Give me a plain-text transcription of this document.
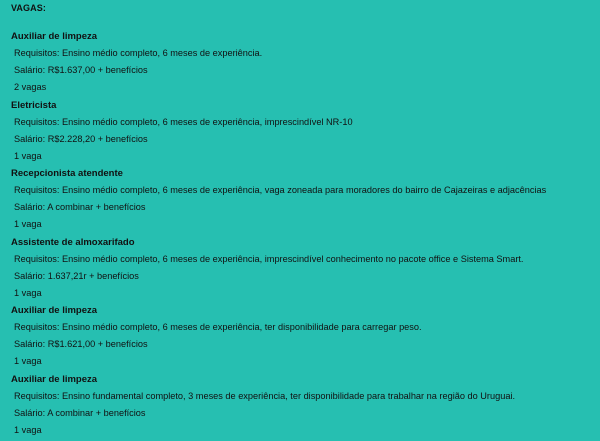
VAGAS:
Auxiliar de limpeza
Requisitos: Ensino médio completo, 6 meses de experiência.
Salário: R$1.637,00 + benefícios
2 vagas
Eletricista
Requisitos: Ensino médio completo, 6 meses de experiência, imprescindível NR-10
Salário: R$2.228,20 + benefícios
1 vaga
Recepcionista atendente
Requisitos: Ensino médio completo, 6 meses de experiência, vaga zoneada para moradores do bairro de Cajazeiras e adjacências
Salário: A combinar + benefícios
1 vaga
Assistente de almoxarifado
Requisitos: Ensino médio completo, 6 meses de experiência, imprescindível conhecimento no pacote office e Sistema Smart.
Salário: 1.637,21r + benefícios
1 vaga
Auxiliar de limpeza
Requisitos: Ensino médio completo, 6 meses de experiência, ter disponibilidade para carregar peso.
Salário: R$1.621,00 + benefícios
1 vaga
Auxiliar de limpeza
Requisitos: Ensino fundamental completo, 3 meses de experiência, ter disponibilidade para trabalhar na região do Uruguai.
Salário: A combinar + benefícios
1 vaga
